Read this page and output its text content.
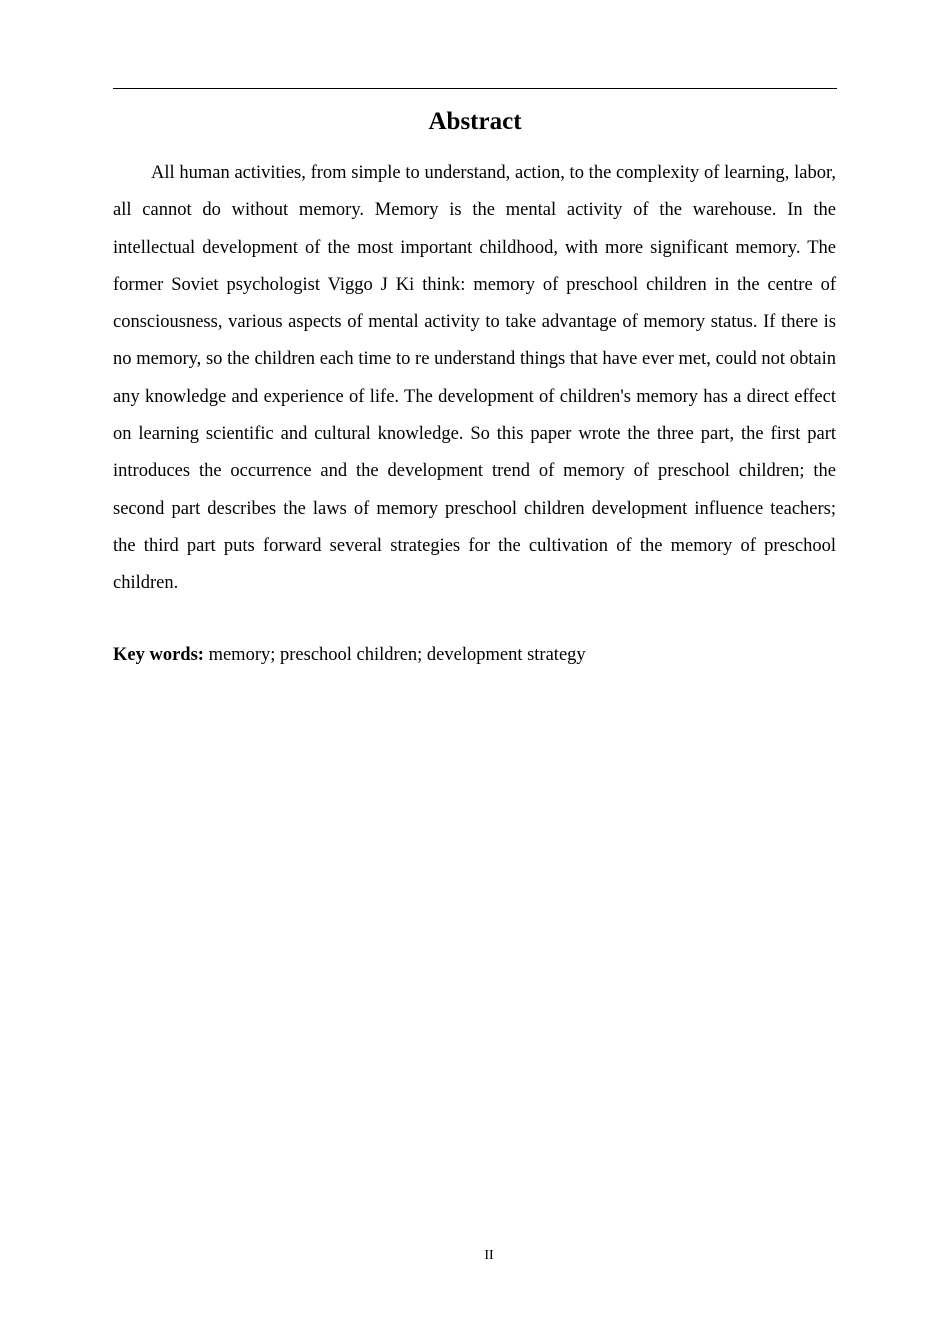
Abstract

All human activities, from simple to understand, action, to the complexity of learning, labor, all cannot do without memory. Memory is the mental activity of the warehouse. In the intellectual development of the most important childhood, with more significant memory. The former Soviet psychologist Viggo J Ki think: memory of preschool children in the centre of consciousness, various aspects of mental activity to take advantage of memory status. If there is no memory, so the children each time to re understand things that have ever met, could not obtain any knowledge and experience of life. The development of children's memory has a direct effect on learning scientific and cultural knowledge. So this paper wrote the three part, the first part introduces the occurrence and the development trend of memory of preschool children; the second part describes the laws of memory preschool children development influence teachers; the third part puts forward several strategies for the cultivation of the memory of preschool children.

Key words: memory; preschool children; development strategy

II
